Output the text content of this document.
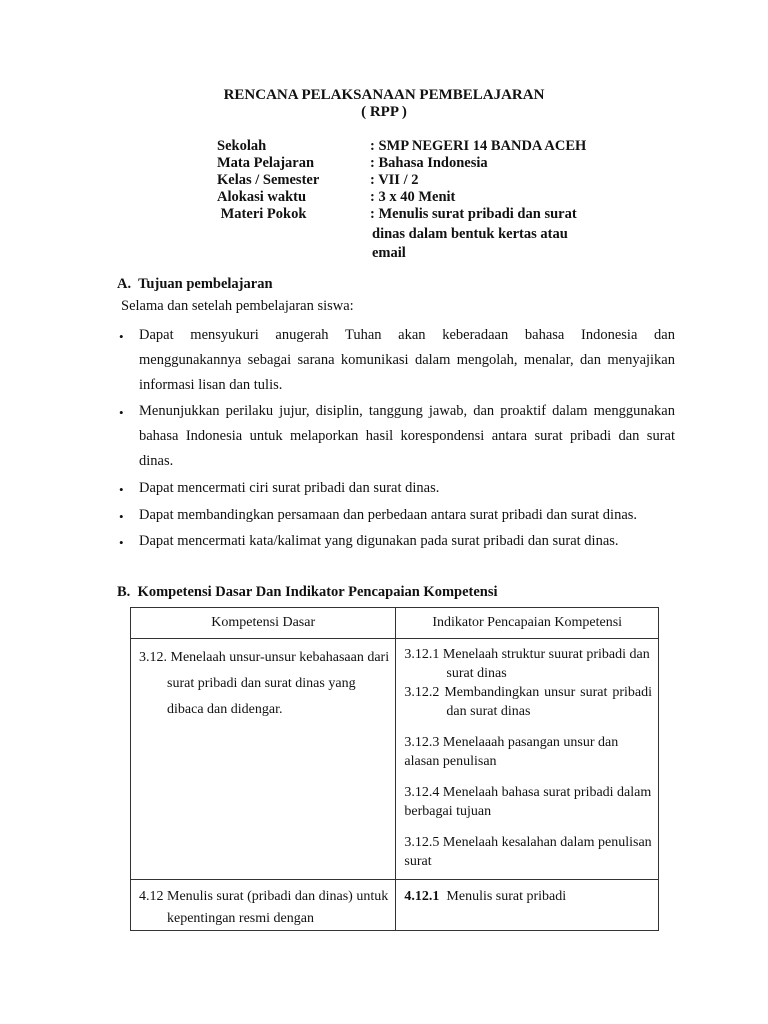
RENCANA PELAKSANAAN PEMBELAJARAN
( RPP )
Sekolah	: SMP NEGERI 14 BANDA ACEH
Mata Pelajaran	: Bahasa Indonesia
Kelas / Semester	: VII / 2
Alokasi waktu	: 3 x 40 Menit
Materi Pokok	: Menulis surat pribadi dan surat
dinas dalam bentuk kertas atau
email
A.  Tujuan pembelajaran
Selama dan setelah pembelajaran siswa:
• Dapat mensyukuri anugerah Tuhan akan keberadaan bahasa Indonesia dan menggunakannya sebagai sarana komunikasi dalam mengolah, menalar, dan menyajikan informasi lisan dan tulis.
• Menunjukkan perilaku jujur, disiplin, tanggung jawab, dan proaktif dalam menggunakan bahasa Indonesia untuk melaporkan hasil korespondensi antara surat pribadi dan surat dinas.
• Dapat mencermati ciri surat pribadi dan surat dinas.
• Dapat membandingkan persamaan dan perbedaan antara surat pribadi dan surat dinas.
• Dapat mencermati kata/kalimat yang digunakan pada surat pribadi dan surat dinas.
B.  Kompetensi Dasar Dan Indikator Pencapaian Kompetensi
Kompetensi Dasar	Indikator Pencapaian Kompetensi

3.12. Menelaah unsur-unsur kebahasaan dari surat pribadi dan surat dinas yang dibaca dan didengar.	3.12.1 Menelaah struktur suurat pribadi dan surat dinas
3.12.2 Membandingkan unsur surat pribadi dan surat dinas
3.12.3 Menelaaah pasangan unsur dan alasan penulisan
3.12.4 Menelaah bahasa surat pribadi dalam berbagai tujuan
3.12.5 Menelaah kesalahan dalam penulisan surat

4.12 Menulis surat (pribadi dan dinas) untuk kepentingan resmi dengan	4.12.1 Menulis surat pribadi
